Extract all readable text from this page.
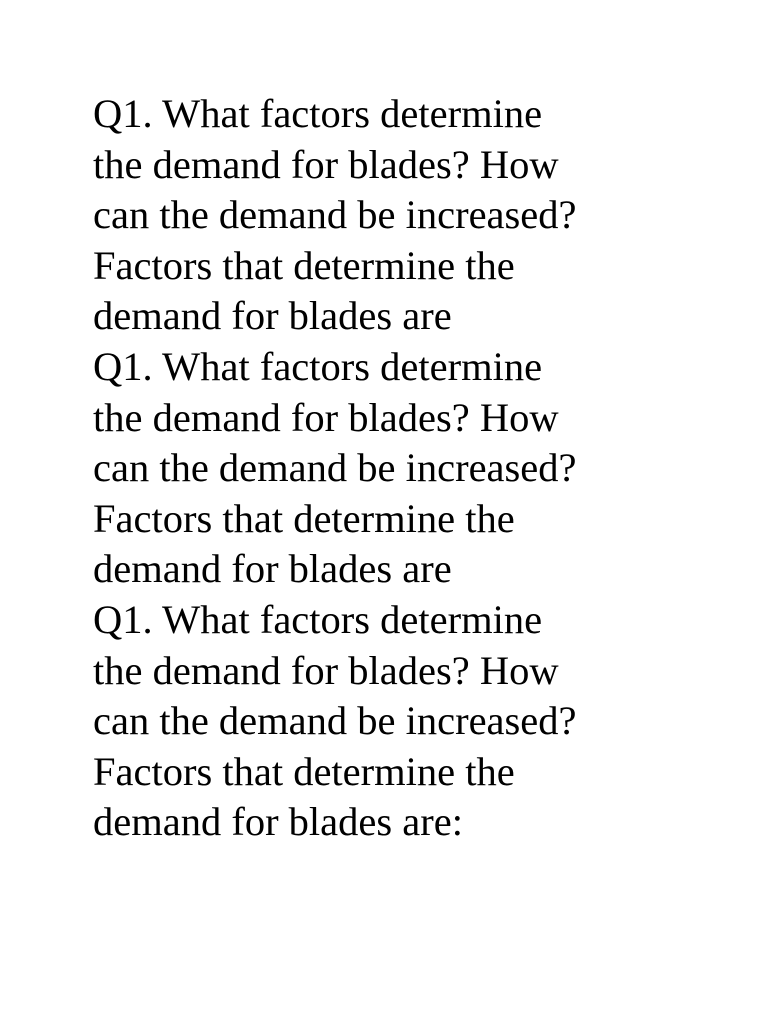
Q1. What factors determine
the demand for blades? How
can the demand be increased?
Factors that determine the
demand for blades are
Q1. What factors determine
the demand for blades? How
can the demand be increased?
Factors that determine the
demand for blades are
Q1. What factors determine
the demand for blades? How
can the demand be increased?
Factors that determine the
demand for blades are:
